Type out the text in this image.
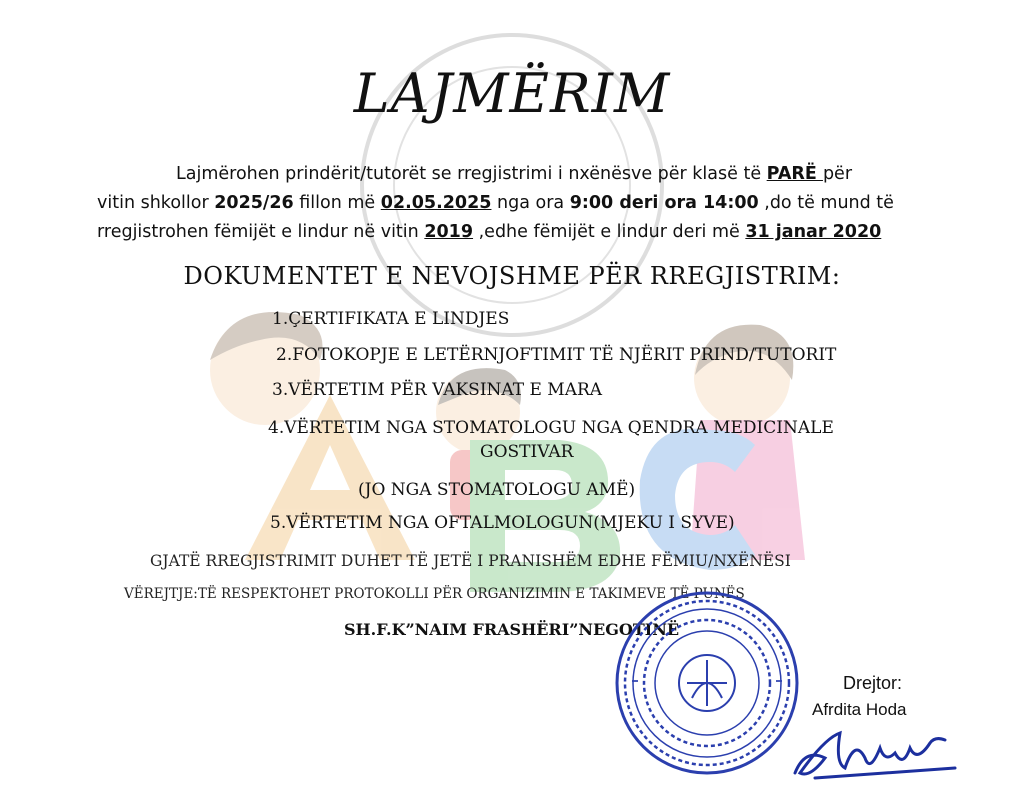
LAJMËRIM
Lajmërohen prindërit/tutorët se rregjistrimi i nxënësve për klasë të PARË për
vitin shkollor 2025/26 fillon më 02.05.2025 nga ora 9:00 deri ora 14:00 ,do të mund të
rregjistrohen fëmijët e lindur në vitin 2019 ,edhe fëmijët e lindur deri më 31 janar 2020
DOKUMENTET E NEVOJSHME PËR RREGJISTRIM:
1.ÇERTIFIKATA E LINDJES
2.FOTOKOPJE E LETËRNJOFTIMIT TË NJËRIT PRIND/TUTORIT
3.VËRTETIM PËR VAKSINAT E MARA
4.VËRTETIM NGA STOMATOLOGU NGA QENDRA MEDICINALE
GOSTIVAR
(JO NGA STOMATOLOGU AMË)
5.VËRTETIM NGA OFTALMOLOGUN(MJEKU I SYVE)
GJATË RREGJISTRIMIT DUHET TË JETË I PRANISHËM EDHE FËMIU/NXËNËSI
VËREJTJE:TË RESPEKTOHET PROTOKOLLI PËR ORGANIZIMIN E TAKIMEVE TË PUNËS
SH.F.K”NAIM FRASHËRI”NEGOTINË
Drejtor:
Afrdita Hoda
